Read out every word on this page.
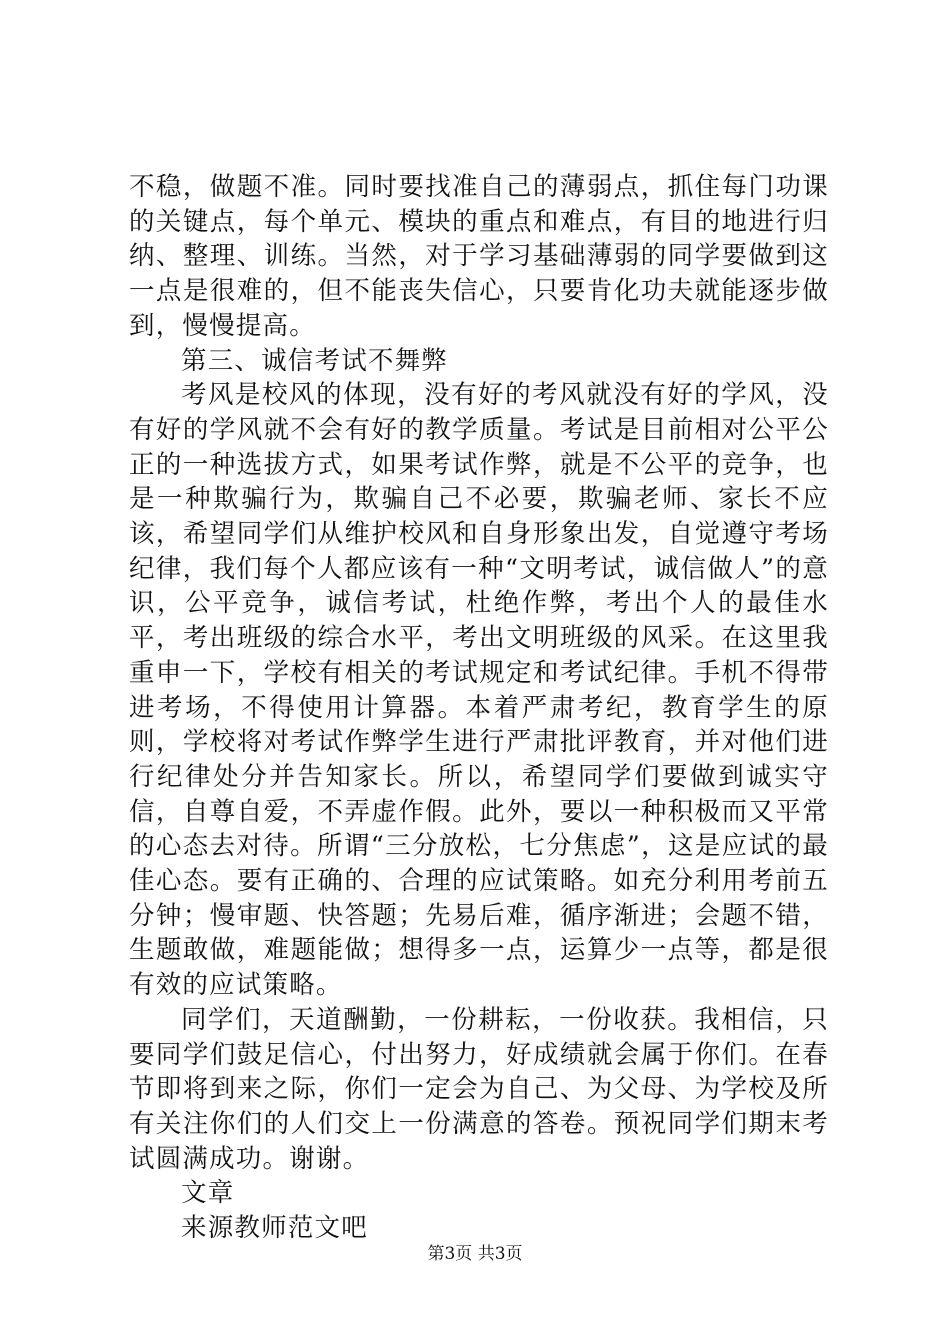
不稳，做题不准。同时要找准自己的薄弱点，抓住每门功课的关键点，每个单元、模块的重点和难点，有目的地进行归纳、整理、训练。当然，对于学习基础薄弱的同学要做到这一点是很难的，但不能丧失信心，只要肯化功夫就能逐步做到，慢慢提高。

第三、诚信考试不舞弊

考风是校风的体现，没有好的考风就没有好的学风，没有好的学风就不会有好的教学质量。考试是目前相对公平公正的一种选拔方式，如果考试作弊，就是不公平的竞争，也是一种欺骗行为，欺骗自己不必要，欺骗老师、家长不应该，希望同学们从维护校风和自身形象出发，自觉遵守考场纪律，我们每个人都应该有一种“文明考试，诚信做人”的意识，公平竞争，诚信考试，杜绝作弊，考出个人的最佳水平，考出班级的综合水平，考出文明班级的风采。在这里我重申一下，学校有相关的考试规定和考试纪律。手机不得带进考场，不得使用计算器。本着严肃考纪，教育学生的原则，学校将对考试作弊学生进行严肃批评教育，并对他们进行纪律处分并告知家长。所以，希望同学们要做到诚实守信，自尊自爱，不弄虚作假。此外，要以一种积极而又平常的心态去对待。所谓“三分放松，七分焦虑”，这是应试的最佳心态。要有正确的、合理的应试策略。如充分利用考前五分钟；慢审题、快答题；先易后难，循序渐进；会题不错，生题敢做，难题能做；想得多一点，运算少一点等，都是很有效的应试策略。

同学们，天道酬勤，一份耕耘，一份收获。我相信，只要同学们鼓足信心，付出努力，好成绩就会属于你们。在春节即将到来之际，你们一定会为自己、为父母、为学校及所有关注你们的人们交上一份满意的答卷。预祝同学们期末考试圆满成功。谢谢。

文章

来源教师范文吧

第3页 共3页
